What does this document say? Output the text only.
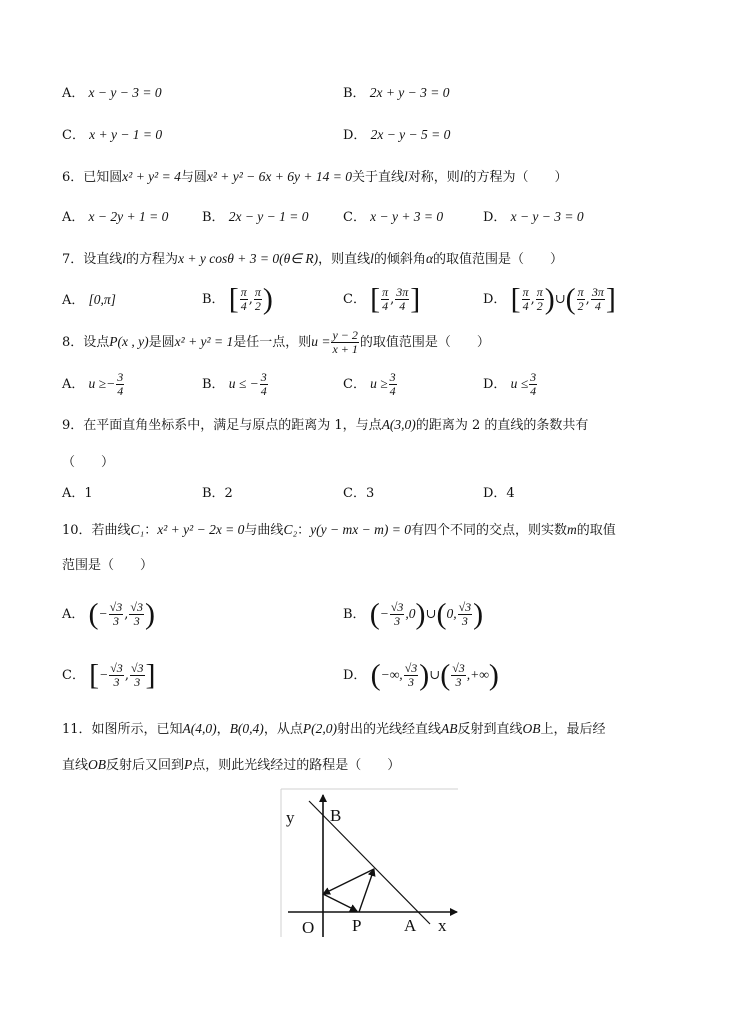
A． x − y − 3 = 0	B． 2x + y − 3 = 0
C． x + y − 1 = 0	D． 2x − y − 5 = 0
6．已知圆x² + y² = 4与圆x² + y² − 6x + 6y + 14 = 0关于直线l对称，则l的方程为（　　）
A． x − 2y + 1 = 0	B． 2x − y − 1 = 0	C． x − y + 3 = 0	D． x − y − 3 = 0
7．设直线l的方程为x + y cosθ + 3 = 0(θ∈ R)，则直线l的倾斜角α的取值范围是（　　）
A． [0,π]	B． [ $\frac{\pi}{4}$ , $\frac{\pi}{2}$ )	C． [ $\frac{\pi}{4}$ , $\frac{3\pi}{4}$ ]	D． [ $\frac{\pi}{4}$ , $\frac{\pi}{2}$ )∪( $\frac{\pi}{2}$ , $\frac{3\pi}{4}$ ]
8．设点P(x , y)是圆x² + y² = 1是任一点，则$u = \frac{y - 2}{x + 1}$ 的取值范围是（　　）
A． $u \ge- \frac{3}{4}$	B． u ≤ − $\frac{3}{4}$	C． $u \ge \frac{3}{4}$	D． $u \le \frac{3}{4}$
9．在平面直角坐标系中，满足与原点的距离为 1，与点A(3,0)的距离为 2 的直线的条数共有
（　　）
A．1	B．2	C．3	D．4
10．若曲线C₁：x² + y² − 2x = 0与曲线C₂：y(y − mx − m) = 0有四个不同的交点，则实数m的取值
范围是（　　）
A． (− $\frac{√3}{3}$ , $\frac{√3}{3}$ )	B． (− $\frac{√3}{3}$ ,0)∪(0, $\frac{√3}{3}$ )
C． [− $\frac{√3}{3}$ , $\frac{√3}{3}$ ]	D． (−∞, $\frac{√3}{3}$ )∪( $\frac{√3}{3}$ ,+∞)
11．如图所示，已知A(4,0)，B(0,4)，从点P(2,0)射出的光线经直线AB反射到直线OB上，最后经
直线OB反射后又回到P点，则此光线经过的路程是（　　）
y B
O P	A x
